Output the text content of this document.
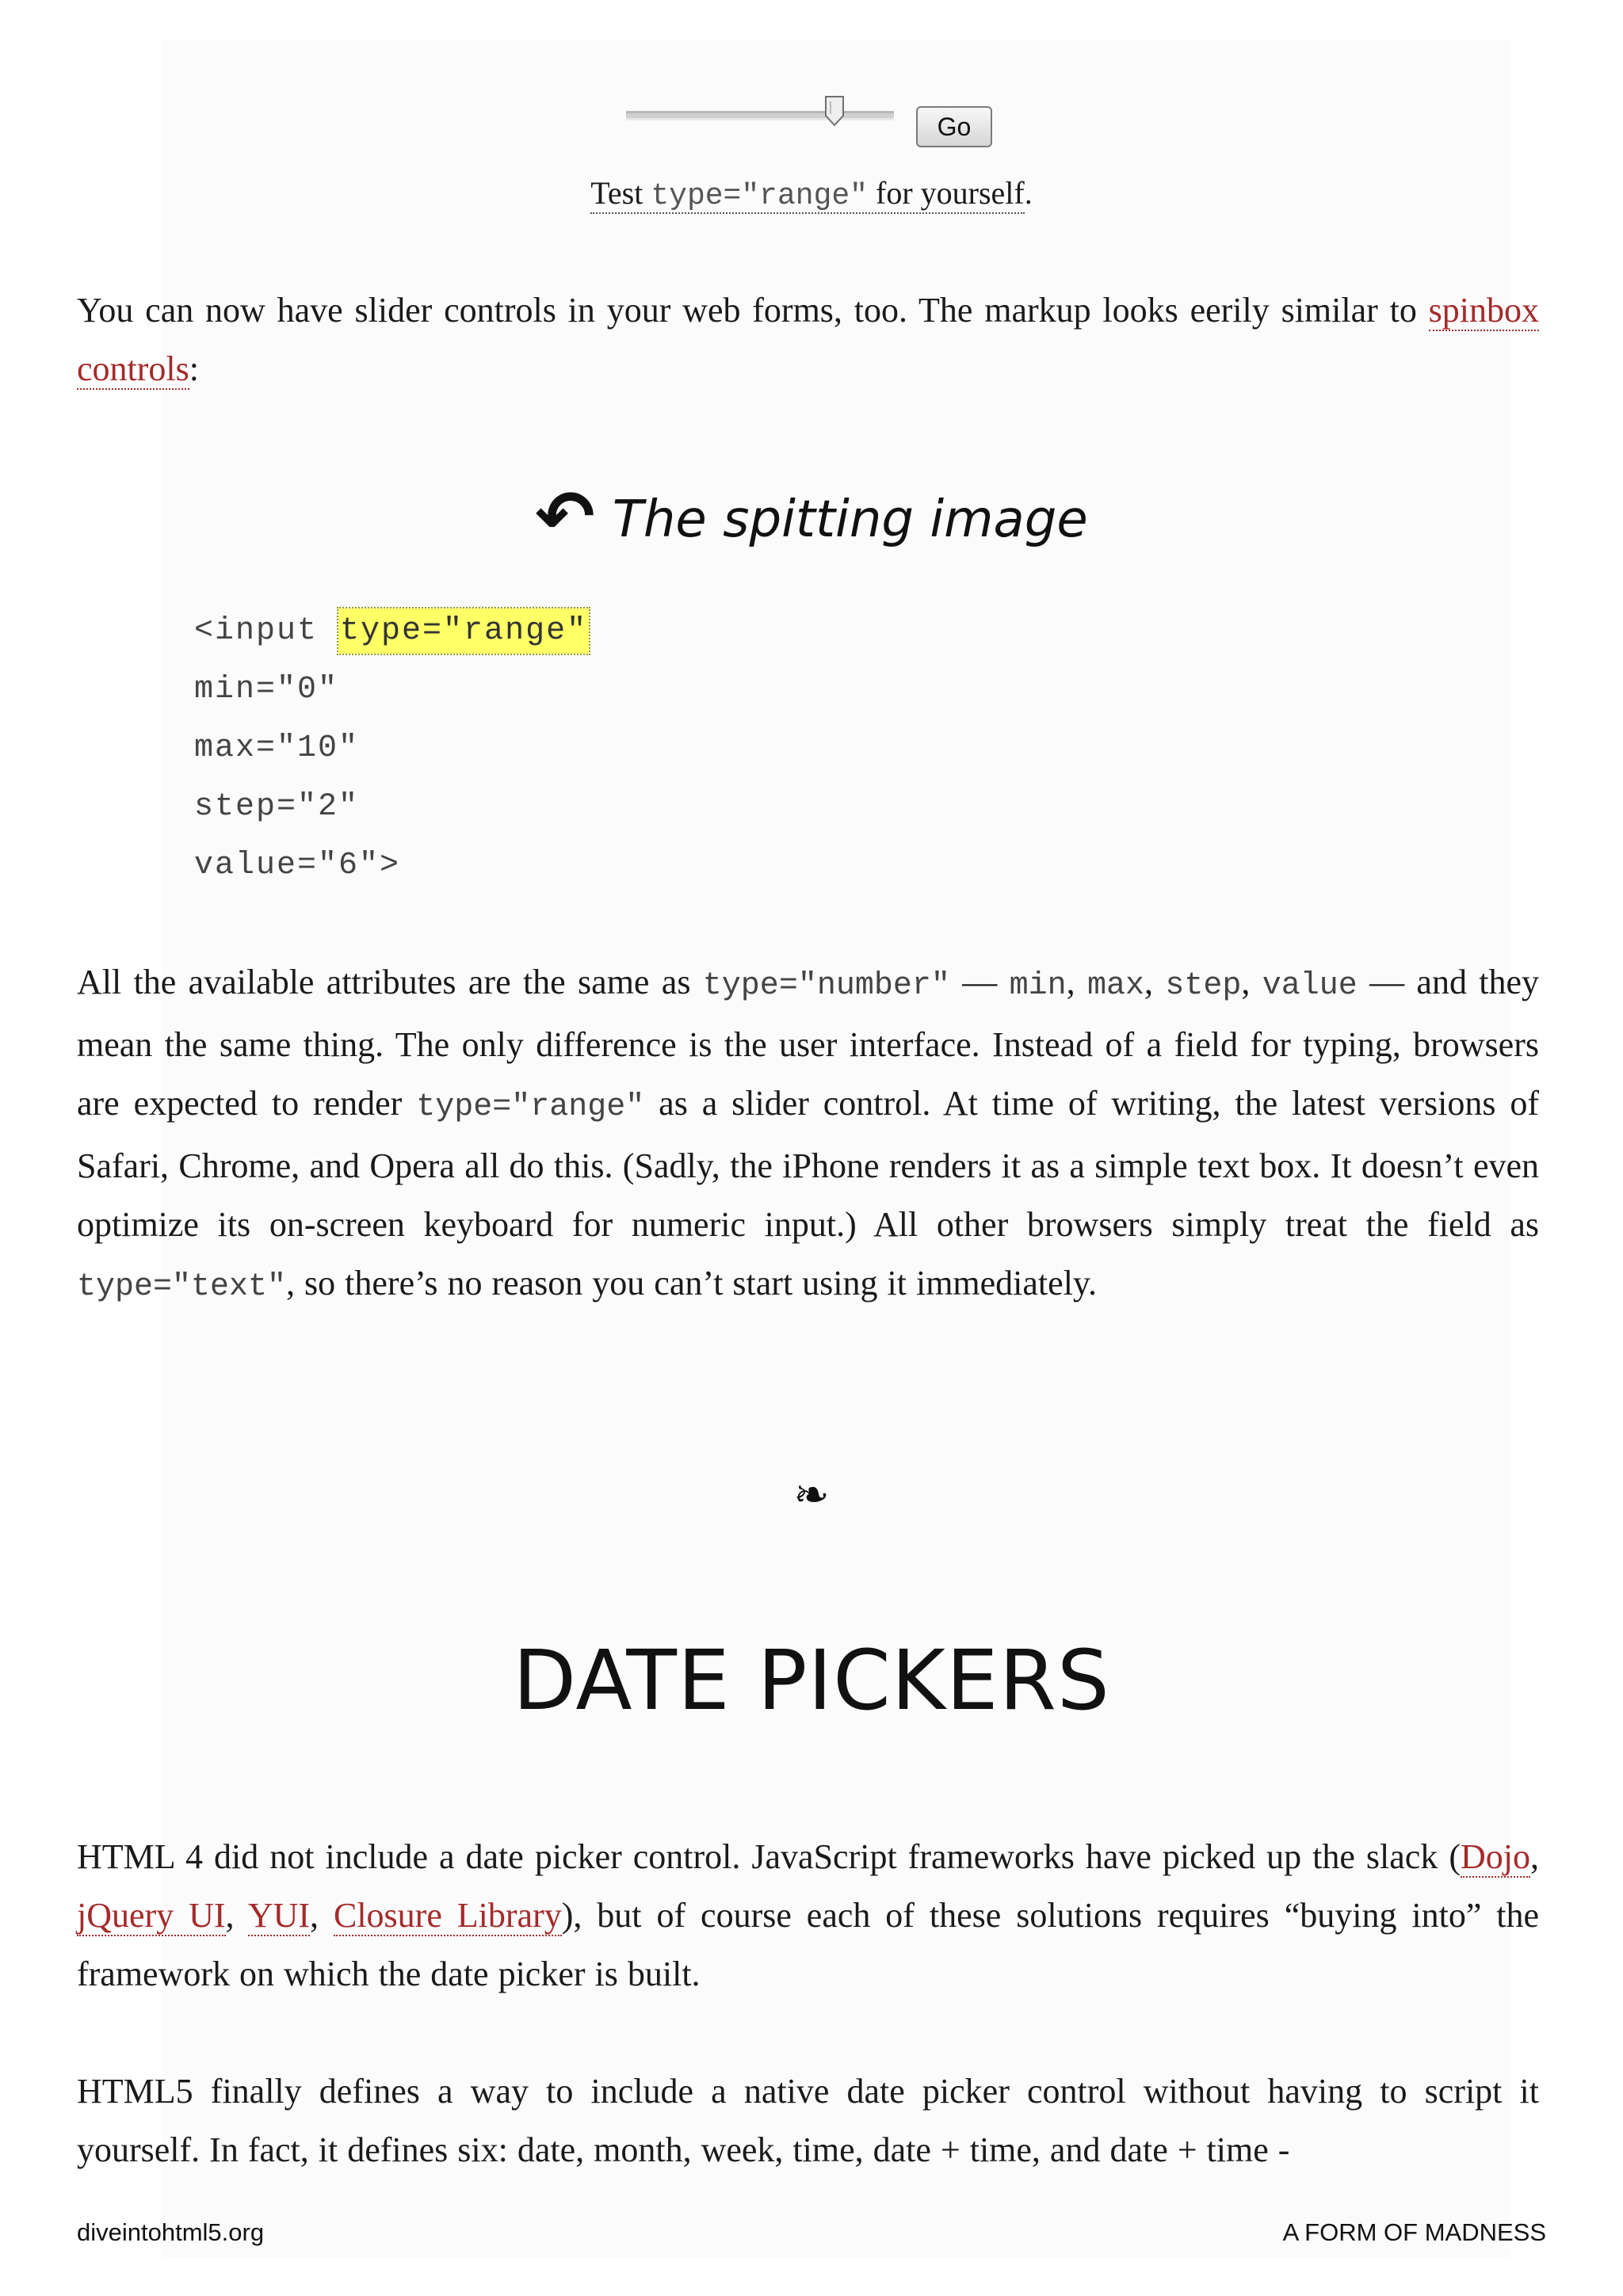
Go
Test type="range" for yourself.

You can now have slider controls in your web forms, too. The markup looks eerily similar to spinbox controls:

↶ The spitting image
<input type="range"
min="0"
max="10"
step="2"
value="6">

All the available attributes are the same as type="number" — min, max, step, value — and they mean the same thing. The only difference is the user interface. Instead of a field for typing, browsers are expected to render type="range" as a slider control. At time of writing, the latest versions of Safari, Chrome, and Opera all do this. (Sadly, the iPhone renders it as a simple text box. It doesn’t even optimize its on-screen keyboard for numeric input.) All other browsers simply treat the field as type="text", so there’s no reason you can’t start using it immediately.

❧
DATE PICKERS

HTML 4 did not include a date picker control. JavaScript frameworks have picked up the slack (Dojo, jQuery UI, YUI, Closure Library), but of course each of these solutions requires “buying into” the framework on which the date picker is built.

HTML5 finally defines a way to include a native date picker control without having to script it yourself. In fact, it defines six: date, month, week, time, date + time, and date + time -

diveintohtml5.org	A FORM OF MADNESS
